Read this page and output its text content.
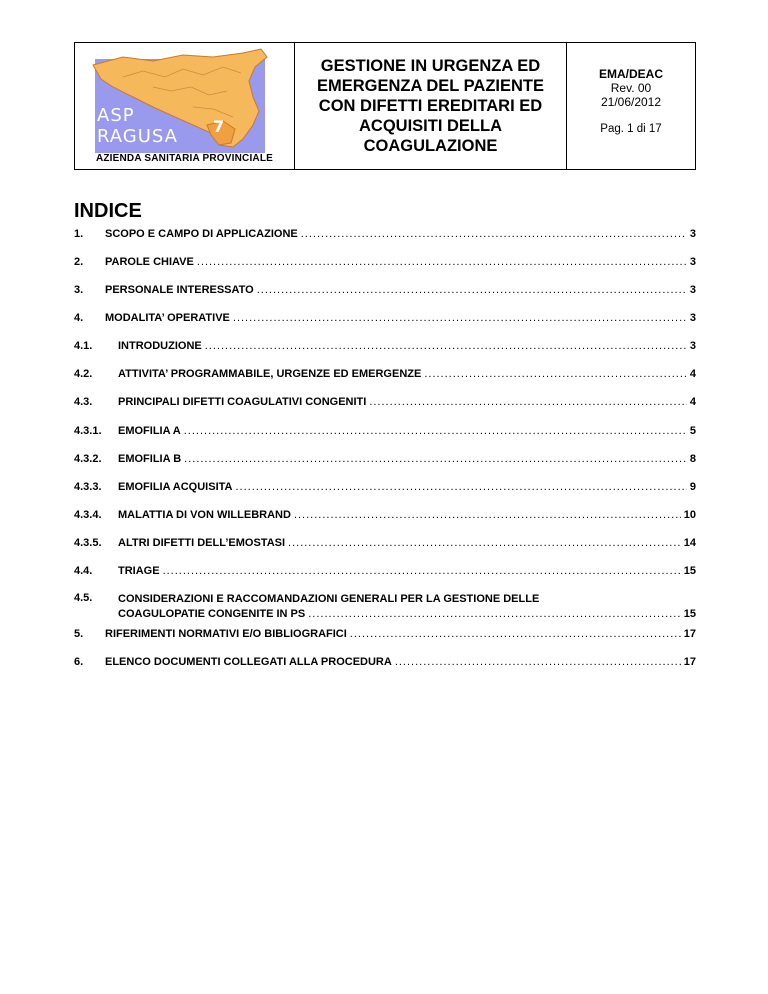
ASP
RAGUSA 7
AZIENDA SANITARIA PROVINCIALE
GESTIONE IN URGENZA ED
EMERGENZA DEL PAZIENTE
CON DIFETTI EREDITARI ED
ACQUISITI DELLA
COAGULAZIONE
EMA/DEAC
Rev. 00
21/06/2012
Pag. 1 di 17
INDICE
1. SCOPO E CAMPO DI APPLICAZIONE .....	3
2. PAROLE CHIAVE .....	3
3. PERSONALE INTERESSATO .....	3
4. MODALITA’ OPERATIVE .....	3
4.1. INTRODUZIONE .....	3
4.2. ATTIVITA’ PROGRAMMABILE, URGENZE ED EMERGENZE .....	4
4.3. PRINCIPALI DIFETTI COAGULATIVI CONGENITI .....	4
4.3.1. EMOFILIA A .....	5
4.3.2. EMOFILIA B .....	8
4.3.3. EMOFILIA ACQUISITA .....	9
4.3.4. MALATTIA DI VON WILLEBRAND .....	10
4.3.5. ALTRI DIFETTI DELL’EMOSTASI .....	14
4.4. TRIAGE .....	15
4.5. CONSIDERAZIONI E RACCOMANDAZIONI GENERALI PER LA GESTIONE DELLE
COAGULOPATIE CONGENITE IN PS .....	15
5. RIFERIMENTI NORMATIVI E/O BIBLIOGRAFICI .....	17
6. ELENCO DOCUMENTI COLLEGATI ALLA PROCEDURA .....	17
